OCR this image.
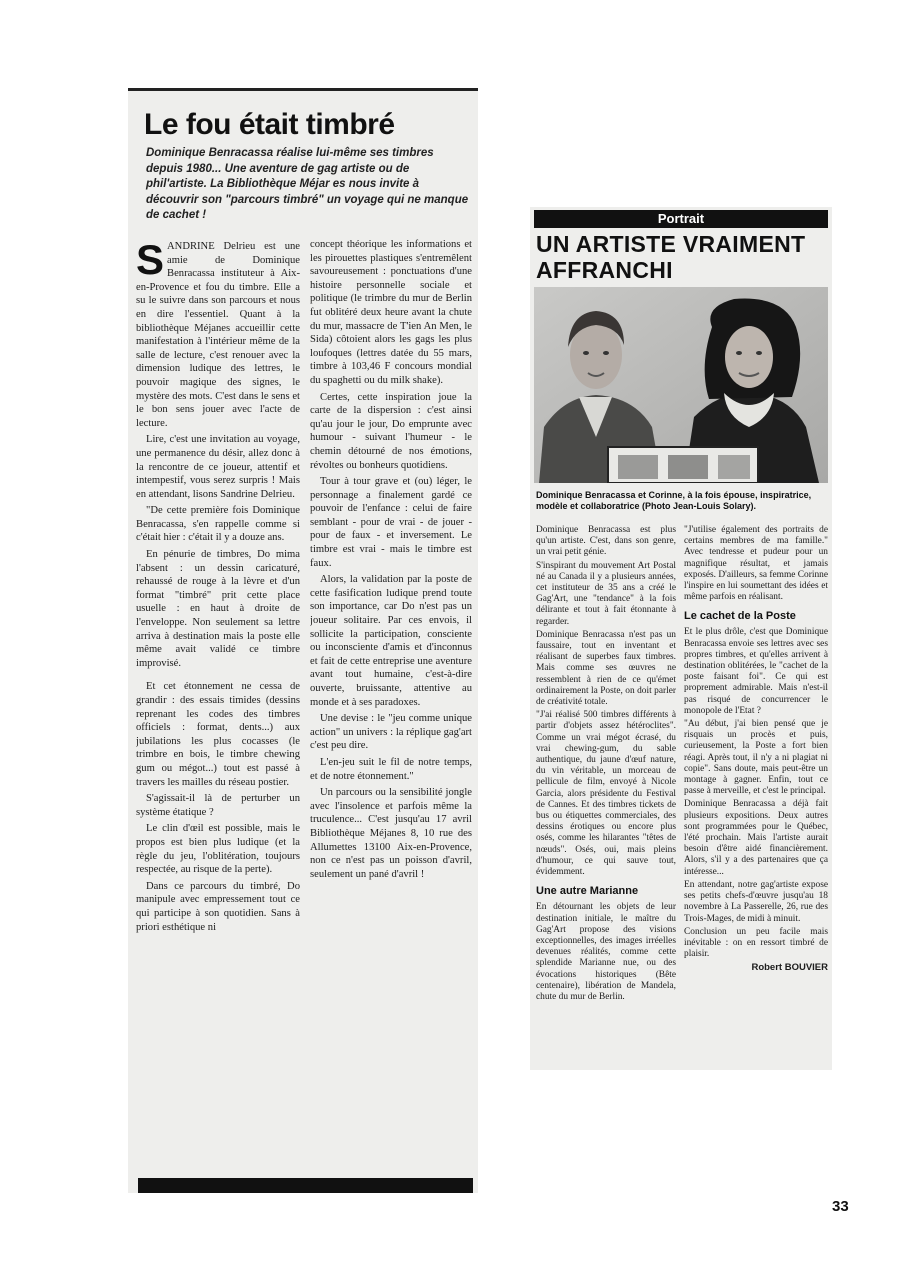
Le fou était timbré

Dominique Benracassa réalise lui-même ses timbres depuis 1980... Une aventure de gag artiste ou de phil'artiste. La Bibliothèque Méjar es nous invite à découvrir son "parcours timbré" un voyage qui ne manque de cachet !

SANDRINE Delrieu est une amie de Dominique Benracassa instituteur à Aix-en-Provence et fou du timbre. Elle a su le suivre dans son parcours et nous en dire l'essentiel. Quant à la bibliothèque Méjanes accueillir cette manifestation à l'intérieur même de la salle de lecture, c'est renouer avec la dimension ludique des lettres, le pouvoir magique des signes, le mystère des mots. C'est dans le sens et le bon sens jouer avec l'acte de lecture.

Lire, c'est une invitation au voyage, une permanence du désir, allez donc à la rencontre de ce joueur, attentif et intempestif, vous serez surpris ! Mais en attendant, lisons Sandrine Delrieu.

"De cette première fois Dominique Benracassa, s'en rappelle comme si c'était hier : c'était il y a douze ans.

En pénurie de timbres, Do mima l'absent : un dessin caricaturé, rehaussé de rouge à la lèvre et d'un format "timbré" prit cette place usuelle : en haut à droite de l'enveloppe. Non seulement sa lettre arriva à destination mais la poste elle même avait validé ce timbre improvisé.

Et cet étonnement ne cessa de grandir : des essais timides (dessins reprenant les codes des timbres officiels : format, dents...) aux jubilations les plus cocasses (le trimbre en bois, le timbre chewing gum ou mégot...) tout est passé à travers les mailles du réseau postier.

S'agissait-il là de perturber un système étatique ?

Le clin d'œil est possible, mais le propos est bien plus ludique (et la règle du jeu, l'oblitération, toujours respectée, au risque de la perte).

Dans ce parcours du timbré, Do manipule avec empressement tout ce qui participe à son quotidien. Sans à priori esthétique ni

concept théorique les informations et les pirouettes plastiques s'entremêlent savoureusement : ponctuations d'une histoire personnelle sociale et politique (le trimbre du mur de Berlin fut oblitéré deux heure avant la chute du mur, massacre de T'ien An Men, le Sida) côtoient alors les gags les plus loufoques (lettres datée du 55 mars, timbre à 103,46 F concours mondial du spaghetti ou du milk shake).

Certes, cette inspiration joue la carte de la dispersion : c'est ainsi qu'au jour le jour, Do emprunte avec humour - suivant l'humeur - le chemin détourné de nos émotions, révoltes ou bonheurs quotidiens.

Tour à tour grave et (ou) léger, le personnage a finalement gardé ce pouvoir de l'enfance : celui de faire semblant - pour de vrai - de jouer - pour de faux - et inversement. Le timbre est vrai - mais le timbre est faux.

Alors, la validation par la poste de cette fasification ludique prend toute son importance, car Do n'est pas un joueur solitaire. Par ces envois, il sollicite la participation, consciente ou inconsciente d'amis et d'inconnus et fait de cette entreprise une aventure avant tout humaine, c'est-à-dire ouverte, bruissante, attentive au monde et à ses paradoxes.

Une devise : le "jeu comme unique action" un univers : la réplique gag'art c'est peu dire.

L'en-jeu suit le fil de notre temps, et de notre étonnement."

Un parcours ou la sensibilité jongle avec l'insolence et parfois même la truculence... C'est jusqu'au 17 avril Bibliothèque Méjanes 8, 10 rue des Allumettes 13100 Aix-en-Provence, non ce n'est pas un poisson d'avril, seulement un pané d'avril !

Portrait
UN ARTISTE VRAIMENT AFFRANCHI

Dominique Benracassa et Corinne, à la fois épouse, inspiratrice, modèle et collaboratrice (Photo Jean-Louis Solary).

Dominique Benracassa est plus qu'un artiste. C'est, dans son genre, un vrai petit génie.

S'inspirant du mouvement Art Postal né au Canada il y a plusieurs années, cet instituteur de 35 ans a créé le Gag'Art, une "tendance" à la fois délirante et tout à fait étonnante à regarder.

Dominique Benracassa n'est pas un faussaire, tout en inventant et réalisant de superbes faux timbres. Mais comme ses œuvres ne ressemblent à rien de ce qu'émet ordinairement la Poste, on doit parler de créativité totale.

"J'ai réalisé 500 timbres différents à partir d'objets assez hétéroclites". Comme un vrai mégot écrasé, du vrai chewing-gum, du sable authentique, du jaune d'œuf nature, du vin véritable, un morceau de pellicule de film, envoyé à Nicole Garcia, alors présidente du Festival de Cannes. Et des timbres tickets de bus ou étiquettes commerciales, des dessins érotiques ou encore plus osés, comme les hilarantes "têtes de nœuds". Osés, oui, mais pleins d'humour, ce qui sauve tout, évidemment.

Une autre Marianne

En détournant les objets de leur destination initiale, le maître du Gag'Art propose des visions exceptionnelles, des images irréelles devenues réalités, comme cette splendide Marianne nue, ou des évocations historiques (Bête centenaire), libération de Mandela, chute du mur de Berlin.

"J'utilise également des portraits de certains membres de ma famille." Avec tendresse et pudeur pour un magnifique résultat, et jamais exposés. D'ailleurs, sa femme Corinne l'inspire en lui soumettant des idées et même parfois en réalisant.

Le cachet de la Poste

Et le plus drôle, c'est que Dominique Benracassa envoie ses lettres avec ses propres timbres, et qu'elles arrivent à destination oblitérées, le "cachet de la poste faisant foi". Ce qui est proprement admirable. Mais n'est-il pas risqué de concurrencer le monopole de l'Etat ?

"Au début, j'ai bien pensé que je risquais un procès et puis, curieusement, la Poste a fort bien réagi. Après tout, il n'y a ni plagiat ni copie". Sans doute, mais peut-être un montage à gagner. Enfin, tout ce passe à merveille, et c'est le principal.

Dominique Benracassa a déjà fait plusieurs expositions. Deux autres sont programmées pour le Québec, l'été prochain. Mais l'artiste aurait besoin d'être aidé financièrement. Alors, s'il y a des partenaires que ça intéresse...

En attendant, notre gag'artiste expose ses petits chefs-d'œuvre jusqu'au 18 novembre à La Passerelle, 26, rue des Trois-Mages, de midi à minuit.

Conclusion un peu facile mais inévitable : on en ressort timbré de plaisir.

Robert BOUVIER
33
